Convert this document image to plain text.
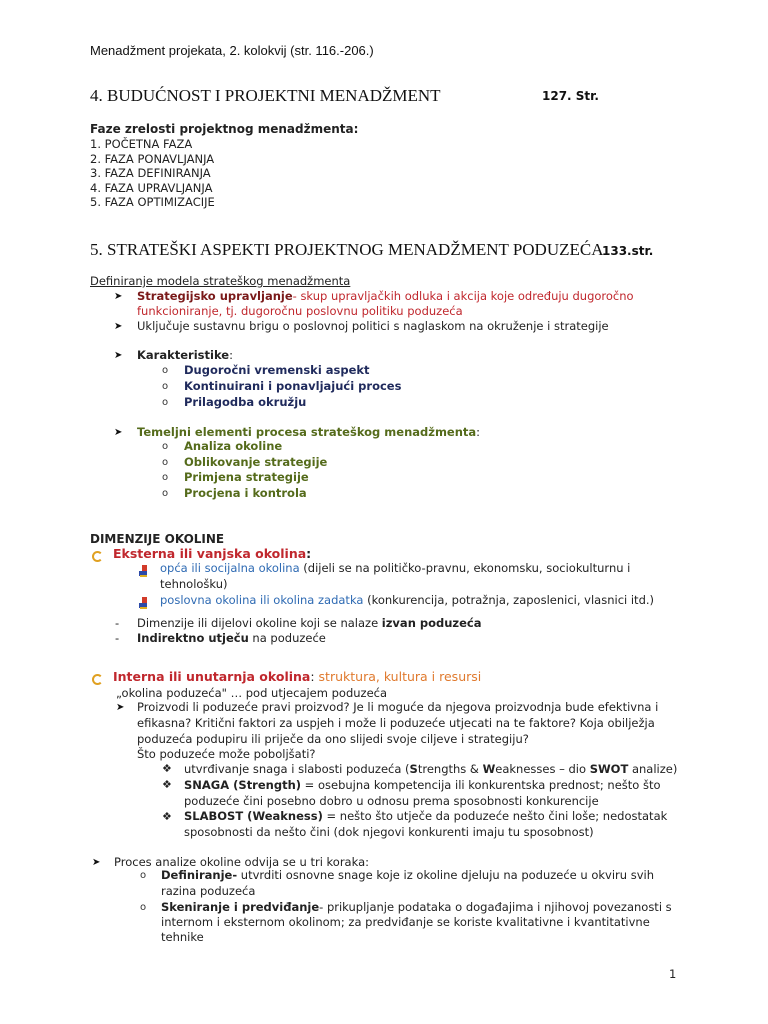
Menadžment projekata, 2. kolokvij (str. 116.-206.)
4. BUDUĆNOST I PROJEKTNI MENADŽMENT	127. Str.
Faze zrelosti projektnog menadžmenta:
1. POČETNA FAZA
2. FAZA PONAVLJANJA
3. FAZA DEFINIRANJA
4. FAZA UPRAVLJANJA
5. FAZA OPTIMIZACIJE
5. STRATEŠKI ASPEKTI PROJEKTNOG MENADŽMENT PODUZEĆA
133.str.
Definiranje modela strateškog menadžmenta
➤ Strategijsko upravljanje- skup upravljačkih odluka i akcija koje određuju dugoročno
funkcioniranje, tj. dugoročnu poslovnu politiku poduzeća
➤ Uključuje sustavnu brigu o poslovnoj politici s naglaskom na okruženje i strategije
➤ Karakteristike:
o Dugoročni vremenski aspekt
o Kontinuirani i ponavljajući proces
o Prilagodba okružju
➤ Temeljni elementi procesa strateškog menadžmenta:
o Analiza okoline
o Oblikovanje strategije
o Primjena strategije
o Procjena i kontrola
DIMENZIJE OKOLINE
Eksterna ili vanjska okolina:
opća ili socijalna okolina (dijeli se na političko-pravnu, ekonomsku, sociokulturnu i
tehnološku)
poslovna okolina ili okolina zadatka (konkurencija, potražnja, zaposlenici, vlasnici itd.)
- Dimenzije ili dijelovi okoline koji se nalaze izvan poduzeća
- Indirektno utječu na poduzeće
Interna ili unutarnja okolina: struktura, kultura i resursi
„okolina poduzeća" … pod utjecajem poduzeća
➤ Proizvodi li poduzeće pravi proizvod? Je li moguće da njegova proizvodnja bude efektivna i
efikasna? Kritični faktori za uspjeh i može li poduzeće utjecati na te faktore? Koja obilježja
poduzeća podupiru ili priječe da ono slijedi svoje ciljeve i strategiju?
Što poduzeće može poboljšati?
❖ utvrđivanje snaga i slabosti poduzeća (Strengths & Weaknesses – dio SWOT analize)
❖ SNAGA (Strength) = osebujna kompetencija ili konkurentska prednost; nešto što
poduzeće čini posebno dobro u odnosu prema sposobnosti konkurencije
❖ SLABOST (Weakness) = nešto što utječe da poduzeće nešto čini loše; nedostatak
sposobnosti da nešto čini (dok njegovi konkurenti imaju tu sposobnost)
➤ Proces analize okoline odvija se u tri koraka:
o Definiranje- utvrditi osnovne snage koje iz okoline djeluju na poduzeće u okviru svih
razina poduzeća
o Skeniranje i predviđanje- prikupljanje podataka o događajima i njihovoj povezanosti s
internom i eksternom okolinom; za predviđanje se koriste kvalitativne i kvantitativne
tehnike
1
